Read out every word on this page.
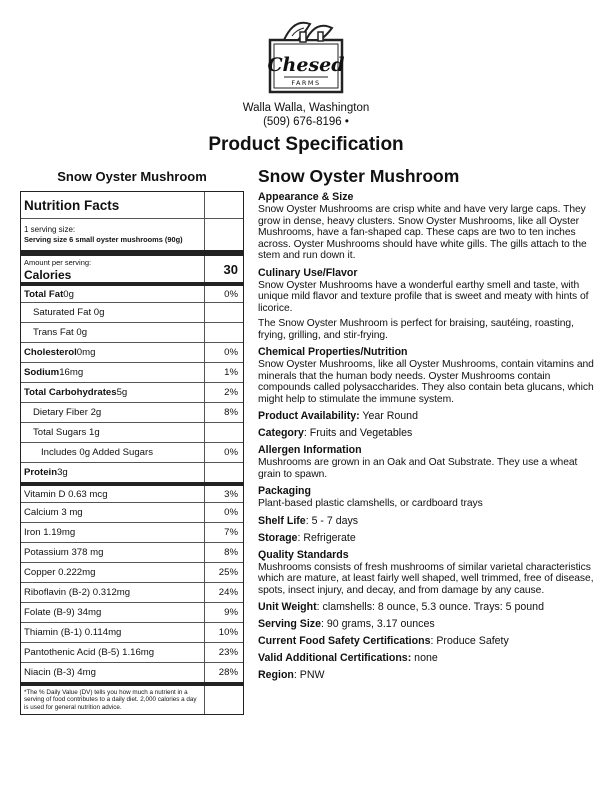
Chesed
FARMS
Walla Walla, Washington
(509) 676-8196 •
Product Specification
Snow Oyster Mushroom
Nutrition Facts
1 serving size:
Serving size 6 small oyster mushrooms (90g)
Amount per serving:
Calories	30
Total Fat 0g	0%
Saturated Fat 0g
Trans Fat 0g
Cholesterol 0mg	0%
Sodium 16mg	1%
Total Carbohydrates 5g	2%
Dietary Fiber 2g	8%
Total Sugars 1g
Includes 0g Added Sugars	0%
Protein 3g
Vitamin D 0.63 mcg	3%
Calcium 3 mg	0%
Iron 1.19mg	7%
Potassium 378 mg	8%
Copper 0.222mg	25%
Riboflavin (B-2) 0.312mg	24%
Folate (B-9) 34mg	9%
Thiamin (B-1) 0.114mg	10%
Pantothenic Acid (B-5) 1.16mg	23%
Niacin (B-3) 4mg	28%
*The % Daily Value (DV) tells you how much a nutrient in a serving of food contributes to a daily diet. 2,000 calories a day is used for general nutrition advice.
Snow Oyster Mushroom
Appearance & Size
Snow Oyster Mushrooms are crisp white and have very large caps. They grow in dense, heavy clusters. Snow Oyster Mushrooms, like all Oyster Mushrooms, have a fan-shaped cap. These caps are two to ten inches across. Oyster Mushrooms should have white gills. The gills attach to the stem and run down it.
Culinary Use/Flavor
Snow Oyster Mushrooms have a wonderful earthy smell and taste, with unique mild flavor and texture profile that is sweet and meaty with hints of licorice.
The Snow Oyster Mushroom is perfect for braising, sautéing, roasting, frying, grilling, and stir-frying.
Chemical Properties/Nutrition
Snow Oyster Mushrooms, like all Oyster Mushrooms, contain vitamins and minerals that the human body needs. Oyster Mushrooms contain compounds called polysaccharides. They also contain beta glucans, which might help to stimulate the immune system.
Product Availability: Year Round
Category: Fruits and Vegetables
Allergen Information
Mushrooms are grown in an Oak and Oat Substrate. They use a wheat grain to spawn.
Packaging
Plant-based plastic clamshells, or cardboard trays
Shelf Life: 5 - 7 days
Storage: Refrigerate
Quality Standards
Mushrooms consists of fresh mushrooms of similar varietal characteristics which are mature, at least fairly well shaped, well trimmed, free of disease, spots, insect injury, and decay, and from damage by any cause.
Unit Weight: clamshells: 8 ounce, 5.3 ounce. Trays: 5 pound
Serving Size: 90 grams, 3.17 ounces
Current Food Safety Certifications: Produce Safety
Valid Additional Certifications: none
Region: PNW
